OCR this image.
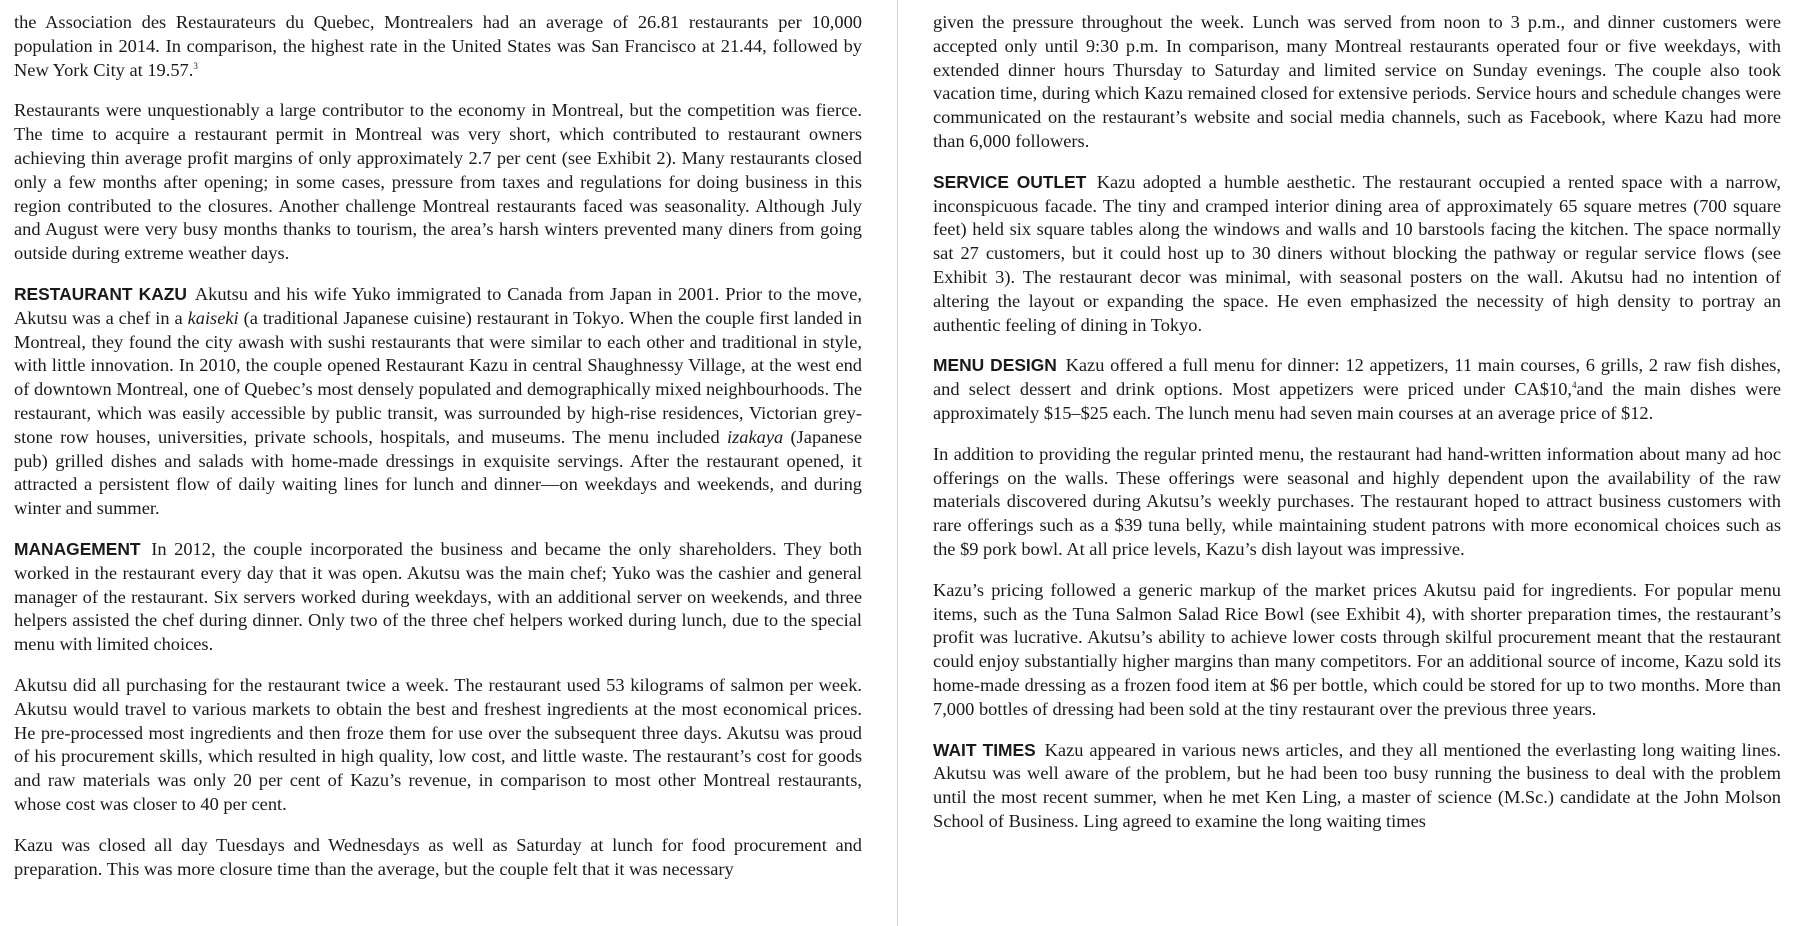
the Association des Restaurateurs du Quebec, Montrealers had an average of 26.81 restaurants per 10,000 population in 2014. In comparison, the highest rate in the United States was San Francisco at 21.44, followed by New York City at 19.57.$^3$

Restaurants were unquestionably a large contributor to the economy in Montreal, but the competition was fierce. The time to acquire a restaurant permit in Montreal was very short, which contributed to restaurant owners achieving thin average profit margins of only approximately 2.7 per cent (see Exhibit 2). Many restaurants closed only a few months after opening; in some cases, pressure from taxes and regulations for doing business in this region contributed to the closures. Another challenge Montreal restaurants faced was seasonality. Although July and August were very busy months thanks to tourism, the area’s harsh winters prevented many diners from going outside during extreme weather days.

RESTAURANT KAZU Akutsu and his wife Yuko immigrated to Canada from Japan in 2001. Prior to the move, Akutsu was a chef in a kaiseki (a traditional Japanese cuisine) restaurant in Tokyo. When the couple first landed in Montreal, they found the city awash with sushi restaurants that were similar to each other and traditional in style, with little innovation. In 2010, the couple opened Restaurant Kazu in central Shaughnessy Village, at the west end of downtown Montreal, one of Quebec’s most densely populated and demographically mixed neighbourhoods. The restaurant, which was easily accessible by public transit, was surrounded by high-rise residences, Victorian grey-stone row houses, universities, private schools, hospitals, and museums. The menu included izakaya (Japanese pub) grilled dishes and salads with home-made dressings in exquisite servings. After the restaurant opened, it attracted a persistent flow of daily waiting lines for lunch and dinner—on weekdays and weekends, and during winter and summer.

MANAGEMENT In 2012, the couple incorporated the business and became the only shareholders. They both worked in the restaurant every day that it was open. Akutsu was the main chef; Yuko was the cashier and general manager of the restaurant. Six servers worked during weekdays, with an additional server on weekends, and three helpers assisted the chef during dinner. Only two of the three chef helpers worked during lunch, due to the special menu with limited choices.

Akutsu did all purchasing for the restaurant twice a week. The restaurant used 53 kilograms of salmon per week. Akutsu would travel to various markets to obtain the best and freshest ingredients at the most economical prices. He pre-processed most ingredients and then froze them for use over the subsequent three days. Akutsu was proud of his procurement skills, which resulted in high quality, low cost, and little waste. The restaurant’s cost for goods and raw materials was only 20 per cent of Kazu’s revenue, in comparison to most other Montreal restaurants, whose cost was closer to 40 per cent.

Kazu was closed all day Tuesdays and Wednesdays as well as Saturday at lunch for food procurement and preparation. This was more closure time than the average, but the couple felt that it was necessary

given the pressure throughout the week. Lunch was served from noon to 3 p.m., and dinner customers were accepted only until 9:30 p.m. In comparison, many Montreal restaurants operated four or five weekdays, with extended dinner hours Thursday to Saturday and limited service on Sunday evenings. The couple also took vacation time, during which Kazu remained closed for extensive periods. Service hours and schedule changes were communicated on the restaurant’s website and social media channels, such as Facebook, where Kazu had more than 6,000 followers.

SERVICE OUTLET Kazu adopted a humble aesthetic. The restaurant occupied a rented space with a narrow, inconspicuous facade. The tiny and cramped interior dining area of approximately 65 square metres (700 square feet) held six square tables along the windows and walls and 10 barstools facing the kitchen. The space normally sat 27 customers, but it could host up to 30 diners without blocking the pathway or regular service flows (see Exhibit 3). The restaurant decor was minimal, with seasonal posters on the wall. Akutsu had no intention of altering the layout or expanding the space. He even emphasized the necessity of high density to portray an authentic feeling of dining in Tokyo.

MENU DESIGN Kazu offered a full menu for dinner: 12 appetizers, 11 main courses, 6 grills, 2 raw fish dishes, and select dessert and drink options. Most appetizers were priced under CA$10,$^4$and the main dishes were approximately $15–$25 each. The lunch menu had seven main courses at an average price of $12.

In addition to providing the regular printed menu, the restaurant had hand-written information about many ad hoc offerings on the walls. These offerings were seasonal and highly dependent upon the availability of the raw materials discovered during Akutsu’s weekly purchases. The restaurant hoped to attract business customers with rare offerings such as a $39 tuna belly, while maintaining student patrons with more economical choices such as the $9 pork bowl. At all price levels, Kazu’s dish layout was impressive.

Kazu’s pricing followed a generic markup of the market prices Akutsu paid for ingredients. For popular menu items, such as the Tuna Salmon Salad Rice Bowl (see Exhibit 4), with shorter preparation times, the restaurant’s profit was lucrative. Akutsu’s ability to achieve lower costs through skilful procurement meant that the restaurant could enjoy substantially higher margins than many competitors. For an additional source of income, Kazu sold its home-made dressing as a frozen food item at $6 per bottle, which could be stored for up to two months. More than 7,000 bottles of dressing had been sold at the tiny restaurant over the previous three years.

WAIT TIMES Kazu appeared in various news articles, and they all mentioned the everlasting long waiting lines. Akutsu was well aware of the problem, but he had been too busy running the business to deal with the problem until the most recent summer, when he met Ken Ling, a master of science (M.Sc.) candidate at the John Molson School of Business. Ling agreed to examine the long waiting times
